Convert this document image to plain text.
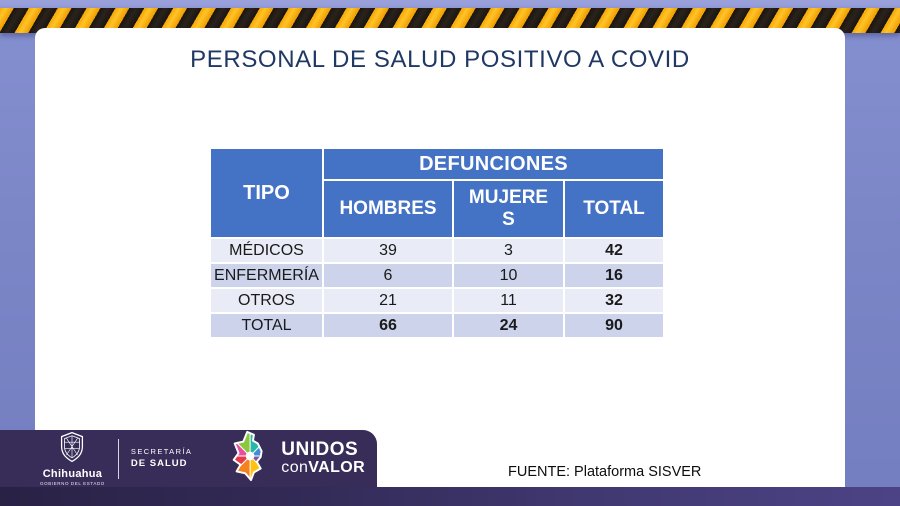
PERSONAL DE SALUD POSITIVO A COVID
TIPO	DEFUNCIONES		
	HOMBRES	MUJERES	TOTAL
MÉDICOS	39	3	42
ENFERMERÍA	6	10	16
OTROS	21	11	32
TOTAL	66	24	90
Chihuahua
GOBIERNO DEL ESTADO
SECRETARÍA
DE SALUD
UNIDOS
conVALOR	FUENTE: Plataforma SISVER
